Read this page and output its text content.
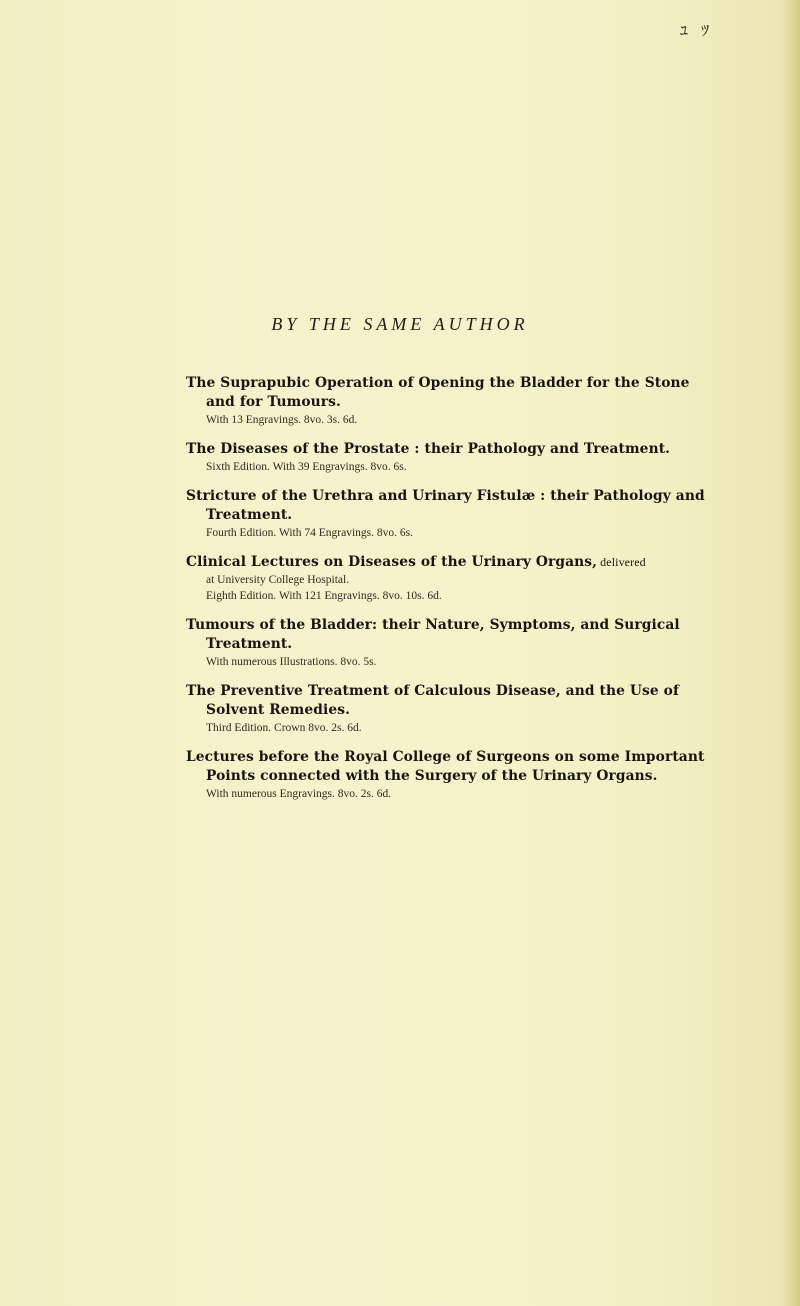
ﾕ ﾂ
BY THE SAME AUTHOR
The Suprapubic Operation of Opening the Bladder for the Stone and for Tumours.
With 13 Engravings. 8vo. 3s. 6d.
The Diseases of the Prostate : their Pathology and Treatment.
Sixth Edition. With 39 Engravings. 8vo. 6s.
Stricture of the Urethra and Urinary Fistulæ : their Pathology and Treatment.
Fourth Edition. With 74 Engravings. 8vo. 6s.
Clinical Lectures on Diseases of the Urinary Organs, delivered
at University College Hospital.
Eighth Edition. With 121 Engravings. 8vo. 10s. 6d.
Tumours of the Bladder: their Nature, Symptoms, and Surgical Treatment.
With numerous Illustrations. 8vo. 5s.
The Preventive Treatment of Calculous Disease, and the Use of Solvent Remedies.
Third Edition. Crown 8vo. 2s. 6d.
Lectures before the Royal College of Surgeons on some Important Points connected with the Surgery of the Urinary Organs.
With numerous Engravings. 8vo. 2s. 6d.
